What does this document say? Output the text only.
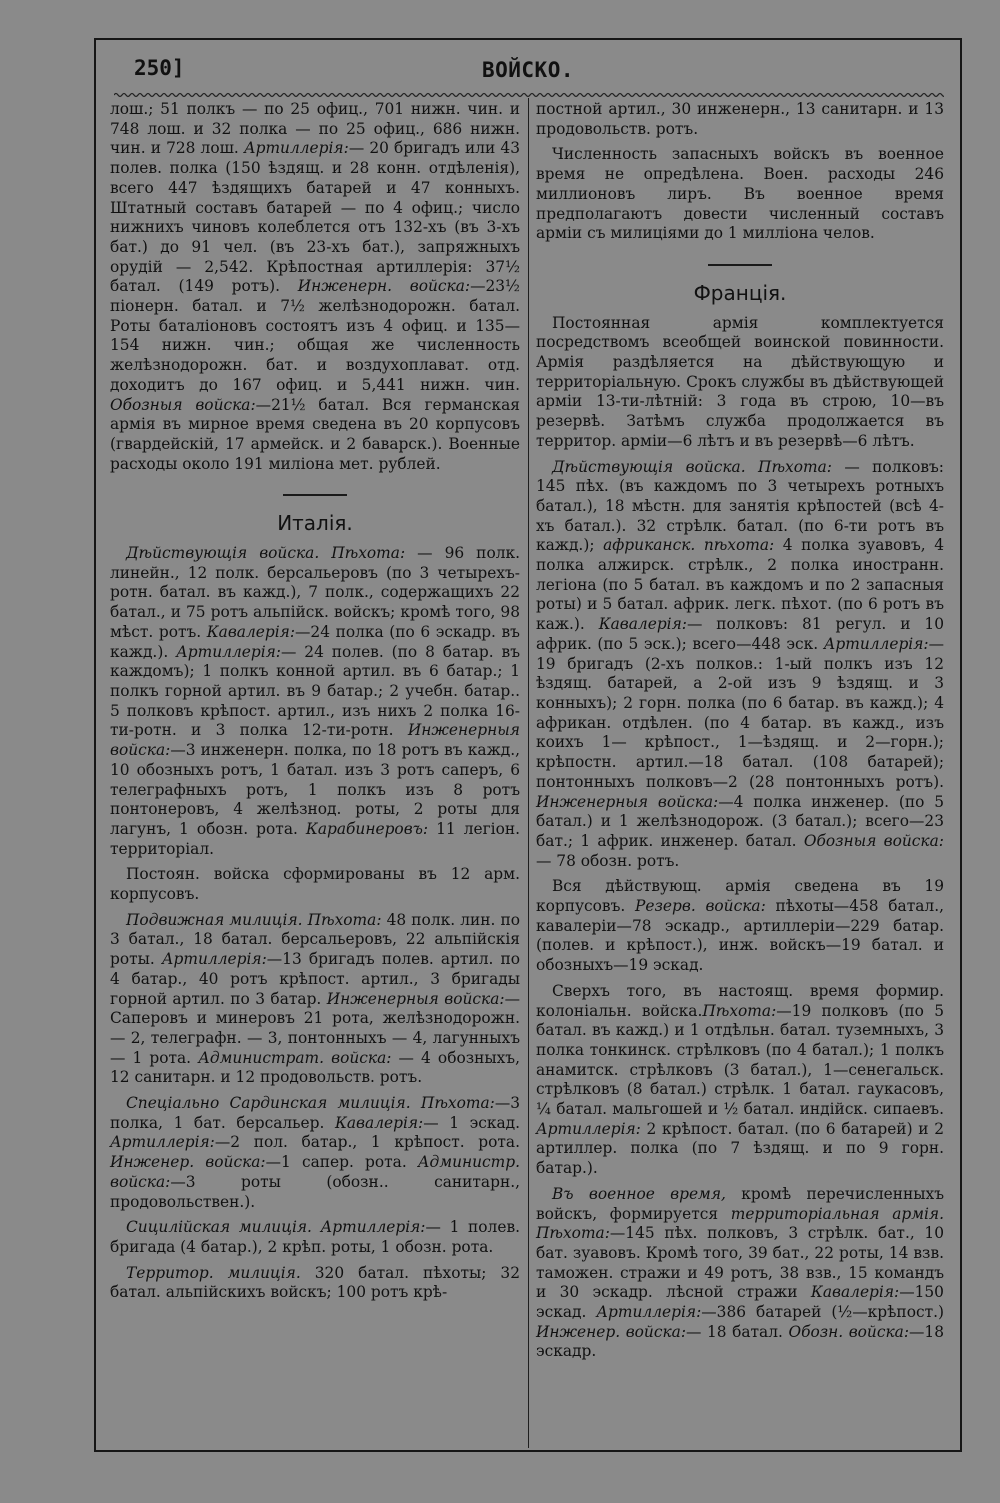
250]	ВОЙСКО.

лош.; 51 полкъ — по 25 офиц., 701 нижн. чин. и 748 лош. и 32 полка — по 25 офиц., 686 нижн. чин. и 728 лош. Артиллерія:— 20 бригадъ или 43 полев. полка (150 ѣздящ. и 28 конн. отдѣленія), всего 447 ѣздящихъ батарей и 47 конныхъ. Штатный составъ батарей — по 4 офиц.; число нижнихъ чиновъ колеблется отъ 132-хъ (въ 3-хъ бат.) до 91 чел. (въ 23-хъ бат.), запряжныхъ орудій — 2,542. Крѣпостная артиллерія: 37½ батал. (149 ротъ). Инженерн. войска:—23½ піонерн. батал. и 7½ желѣзнодорожн. батал. Роты баталіоновъ состоятъ изъ 4 офиц. и 135—154 нижн. чин.; общая же численность желѣзнодорожн. бат. и воздухоплават. отд. доходитъ до 167 офиц. и 5,441 нижн. чин. Обозныя войска:—21½ батал. Вся германская армія въ мирное время сведена въ 20 корпусовъ (гвардейскій, 17 армейск. и 2 баварск.). Военные расходы около 191 миліона мет. рублей.

Италія.

Дѣйствующія войска. Пѣхота: — 96 полк. линейн., 12 полк. берсальеровъ (по 3 четырехъ-ротн. батал. въ кажд.), 7 полк., содержащихъ 22 батал., и 75 ротъ альпійск. войскъ; кромѣ того, 98 мѣст. ротъ. Кавалерія:—24 полка (по 6 эскадр. въ кажд.). Артиллерія:— 24 полев. (по 8 батар. въ каждомъ); 1 полкъ конной артил. въ 6 батар.; 1 полкъ горной артил. въ 9 батар.; 2 учебн. батар.. 5 полковъ крѣпост. артил., изъ нихъ 2 полка 16-ти-ротн. и 3 полка 12-ти-ротн. Инженерныя войска:—3 инженерн. полка, по 18 ротъ въ кажд., 10 обозныхъ ротъ, 1 батал. изъ 3 ротъ саперъ, 6 телеграфныхъ ротъ, 1 полкъ изъ 8 ротъ понтонеровъ, 4 желѣзнод. роты, 2 роты для лагунъ, 1 обозн. рота. Карабинеровъ: 11 легіон. территоріал.

Постоян. войска сформированы въ 12 арм. корпусовъ.

Подвижная милиція. Пѣхота: 48 полк. лин. по 3 батал., 18 батал. берсальеровъ, 22 альпійскія роты. Артиллерія:—13 бригадъ полев. артил. по 4 батар., 40 ротъ крѣпост. артил., 3 бригады горной артил. по 3 батар. Инженерныя войска:—Саперовъ и минеровъ 21 рота, желѣзнодорожн. — 2, телеграфн. — 3, понтонныхъ — 4, лагунныхъ — 1 рота. Администрат. войска: — 4 обозныхъ, 12 санитарн. и 12 продовольств. ротъ.

Спеціально Сардинская милиція. Пѣхота:—3 полка, 1 бат. берсальер. Кавалерія:— 1 эскад. Артиллерія:—2 пол. батар., 1 крѣпост. рота. Инженер. войска:—1 сапер. рота. Администр. войска:—3 роты (обозн.. санитарн., продовольствен.).

Сицилійская милиція. Артиллерія:— 1 полев. бригада (4 батар.), 2 крѣп. роты, 1 обозн. рота.

Территор. милиція. 320 батал. пѣхоты; 32 батал. альпійскихъ войскъ; 100 ротъ крѣ-

постной артил., 30 инженерн., 13 санитарн. и 13 продовольств. ротъ.

Численность запасныхъ войскъ въ военное время не опредѣлена. Воен. расходы 246 миллионовъ лиръ. Въ военное время предполагаютъ довести численный составъ арміи съ милиціями до 1 милліона челов.

Франція.

Постоянная армія комплектуется посредствомъ всеобщей воинской повинности. Армія раздѣляется на дѣйствующую и территоріальную. Срокъ службы въ дѣйствующей арміи 13-ти-лѣтній: 3 года въ строю, 10—въ резервѣ. Затѣмъ служба продолжается въ территор. арміи—6 лѣтъ и въ резервѣ—6 лѣтъ.

Дѣйствующія войска. Пѣхота: — полковъ: 145 пѣх. (въ каждомъ по 3 четырехъ ротныхъ батал.), 18 мѣстн. для занятія крѣпостей (всѣ 4-хъ батал.). 32 стрѣлк. батал. (по 6-ти ротъ въ кажд.); африканск. пѣхота: 4 полка зуавовъ, 4 полка алжирск. стрѣлк., 2 полка иностранн. легіона (по 5 батал. въ каждомъ и по 2 запасныя роты) и 5 батал. африк. легк. пѣхот. (по 6 ротъ въ каж.). Кавалерія:— полковъ: 81 регул. и 10 африк. (по 5 эск.); всего—448 эск. Артиллерія:—19 бригадъ (2-хъ полков.: 1-ый полкъ изъ 12 ѣздящ. батарей, а 2-ой изъ 9 ѣздящ. и 3 конныхъ); 2 горн. полка (по 6 батар. въ кажд.); 4 африкан. отдѣлен. (по 4 батар. въ кажд., изъ коихъ 1— крѣпост., 1—ѣздящ. и 2—горн.); крѣпостн. артил.—18 батал. (108 батарей); понтонныхъ полковъ—2 (28 понтонныхъ ротъ). Инженерныя войска:—4 полка инженер. (по 5 батал.) и 1 желѣзнодорож. (3 батал.); всего—23 бат.; 1 африк. инженер. батал. Обозныя войска:— 78 обозн. ротъ.

Вся дѣйствующ. армія сведена въ 19 корпусовъ. Резерв. войска: пѣхоты—458 батал., кавалеріи—78 эскадр., артиллеріи—229 батар. (полев. и крѣпост.), инж. войскъ—19 батал. и обозныхъ—19 эскад.

Сверхъ того, въ настоящ. время формир. колоніальн. войска.Пѣхота:—19 полковъ (по 5 батал. въ кажд.) и 1 отдѣльн. батал. туземныхъ, 3 полка тонкинск. стрѣлковъ (по 4 батал.); 1 полкъ анамитск. стрѣлковъ (3 батал.), 1—сенегальск. стрѣлковъ (8 батал.) стрѣлк. 1 батал. гаукасовъ, ¼ батал. мальгошей и ½ батал. индійск. сипаевъ. Артиллерія: 2 крѣпост. батал. (по 6 батарей) и 2 артиллер. полка (по 7 ѣздящ. и по 9 горн. батар.).

Въ военное время, кромѣ перечисленныхъ войскъ, формируется территоріальная армія. Пѣхота:—145 пѣх. полковъ, 3 стрѣлк. бат., 10 бат. зуавовъ. Кромѣ того, 39 бат., 22 роты, 14 взв. таможен. стражи и 49 ротъ, 38 взв., 15 командъ и 30 эскадр. лѣсной стражи Кавалерія:—150 эскад. Артиллерія:—386 батарей (½—крѣпост.) Инженер. войска:— 18 батал. Обозн. войска:—18 эскадр.
